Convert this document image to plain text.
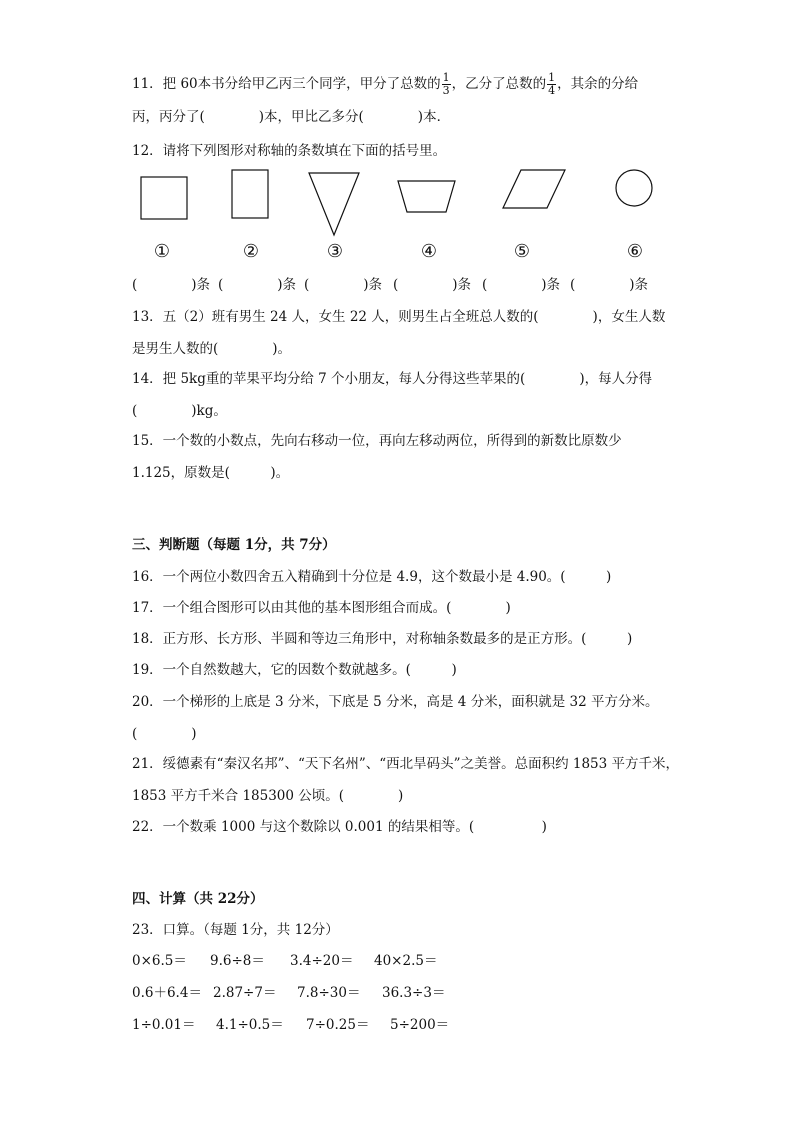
11．把 60本书分给甲乙丙三个同学，甲分了总数的 $\frac{1}{3}$ ，乙分了总数的 $\frac{1}{4}$ ，其余的分给
丙，丙分了(　　　　)本，甲比乙多分(　　　　)本．
12．请将下列图形对称轴的条数填在下面的括号里。
①	②	③	④	⑤	⑥
(　　　　)条 (　　　　)条 (　　　　)条 (　　　　)条 (　　　　)条 (　　　　)条
13．五（2）班有男生 24 人，女生 22 人，则男生占全班总人数的(　　　　)，女生人数
是男生人数的(　　　　)。
14．把 5kg重的苹果平均分给 7 个小朋友，每人分得这些苹果的(　　　　)，每人分得
(　　　　)kg。
15．一个数的小数点，先向右移动一位，再向左移动两位，所得到的新数比原数少
1.125，原数是(　　　)。
三、判断题（每题 1分，共 7分）
16．一个两位小数四舍五入精确到十分位是 4.9，这个数最小是 4.90。(　　　)
17．一个组合图形可以由其他的基本图形组合而成。(　　　　)
18．正方形、长方形、半圆和等边三角形中，对称轴条数最多的是正方形。(　　　)
19．一个自然数越大，它的因数个数就越多。(　　　)
20．一个梯形的上底是 3 分米，下底是 5 分米，高是 4 分米，面积就是 32 平方分米。
(　　　　)
21．绥德素有“秦汉名邦”、“天下名州”、“西北旱码头”之美誉。总面积约 1853 平方千米，
1853 平方千米合 185300 公顷。(　　　　)
22．一个数乘 1000 与这个数除以 0.001 的结果相等。(　　　　　)
四、计算（共 22分）
23．口算。（每题 1分，共 12分）
0×6.5＝ 9.6÷8＝ 3.4÷20＝ 40×2.5＝
0.6＋6.4＝ 2.87÷7＝ 7.8÷30＝ 36.3÷3＝
1÷0.01＝ 4.1÷0.5＝ 7÷0.25＝ 5÷200＝
